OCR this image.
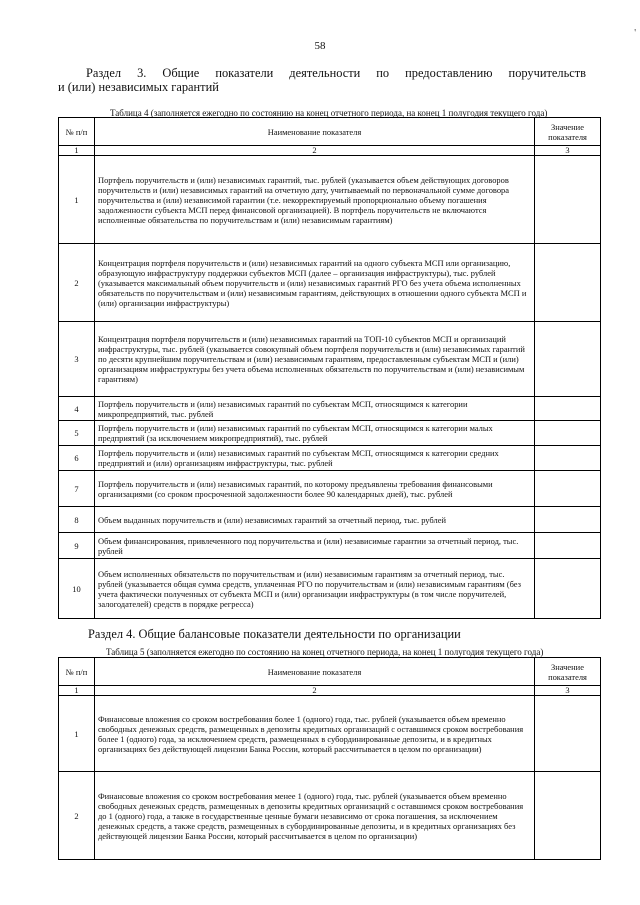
'
58
Раздел 3. Общие показатели деятельности по предоставлению поручительств
и (или) независимых гарантий
Таблица 4 (заполняется ежегодно по состоянию на конец отчетного периода, на конец 1 полугодия текущего года)
№ п/п	Наименование показателя	Значение показателя
1	2	3
1	Портфель поручительств и (или) независимых гарантий, тыс. рублей (указывается объем действующих договоров поручительств и (или) независимых гарантий на отчетную дату, учитываемый по первоначальной сумме договора поручительства и (или) независимой гарантии (т.е. некорректируемый пропорционально объему погашения задолженности субъекта МСП перед финансовой организацией). В портфель поручительств не включаются исполненные обязательства по поручительствам и (или) независимым гарантиям)	
2	Концентрация портфеля поручительств и (или) независимых гарантий на одного субъекта МСП или организацию, образующую инфраструктуру поддержки субъектов МСП (далее – организация инфраструктуры), тыс. рублей (указывается максимальный объем поручительств и (или) независимых гарантий РГО без учета объема исполненных обязательств по поручительствам и (или) независимым гарантиям, действующих в отношении одного субъекта МСП и (или) организации инфраструктуры)	
3	Концентрация портфеля поручительств и (или) независимых гарантий на ТОП-10 субъектов МСП и организаций инфраструктуры, тыс. рублей (указывается совокупный объем портфеля поручительств и (или) независимых гарантий по десяти крупнейшим поручительствам и (или) независимым гарантиям, предоставленным субъектам МСП и (или) организациям инфраструктуры без учета объема исполненных обязательств по поручительствам и (или) независимым гарантиям)	
4	Портфель поручительств и (или) независимых гарантий по субъектам МСП, относящимся к категории микропредприятий, тыс. рублей	
5	Портфель поручительств и (или) независимых гарантий по субъектам МСП, относящимся к категории малых предприятий (за исключением микропредприятий), тыс. рублей	
6	Портфель поручительств и (или) независимых гарантий по субъектам МСП, относящимся к категории средних предприятий и (или) организациям инфраструктуры, тыс. рублей	
7	Портфель поручительств и (или) независимых гарантий, по которому предъявлены требования финансовыми организациями (со сроком просроченной задолженности более 90 календарных дней), тыс. рублей	
8	Объем выданных поручительств и (или) независимых гарантий за отчетный период, тыс. рублей	
9	Объем финансирования, привлеченного под поручительства и (или) независимые гарантии за отчетный период, тыс. рублей	
10	Объем исполненных обязательств по поручительствам и (или) независимым гарантиям за отчетный период, тыс. рублей (указывается общая сумма средств, уплаченная РГО по поручительствам и (или) независимым гарантиям (без учета фактически полученных от субъекта МСП и (или) организации инфраструктуры (в том числе поручителей, залогодателей) средств в порядке регресса)	
Раздел 4. Общие балансовые показатели деятельности по организации
Таблица 5 (заполняется ежегодно по состоянию на конец отчетного периода, на конец 1 полугодия текущего года)
№ п/п	Наименование показателя	Значение показателя
1	2	3
1	Финансовые вложения со сроком востребования более 1 (одного) года, тыс. рублей (указывается объем временно свободных денежных средств, размещенных в депозиты кредитных организаций с оставшимся сроком востребования более 1 (одного) года, за исключением средств, размещенных в субординированные депозиты, и в кредитных организациях без действующей лицензии Банка России, который рассчитывается в целом по организации)	
2	Финансовые вложения со сроком востребования менее 1 (одного) года, тыс. рублей (указывается объем временно свободных денежных средств, размещенных в депозиты кредитных организаций с оставшимся сроком востребования до 1 (одного) года, а также в государственные ценные бумаги независимо от срока погашения, за исключением денежных средств, а также средств, размещенных в субординированные депозиты, и в кредитных организациях без действующей лицензии Банка России, который рассчитывается в целом по организации)	
